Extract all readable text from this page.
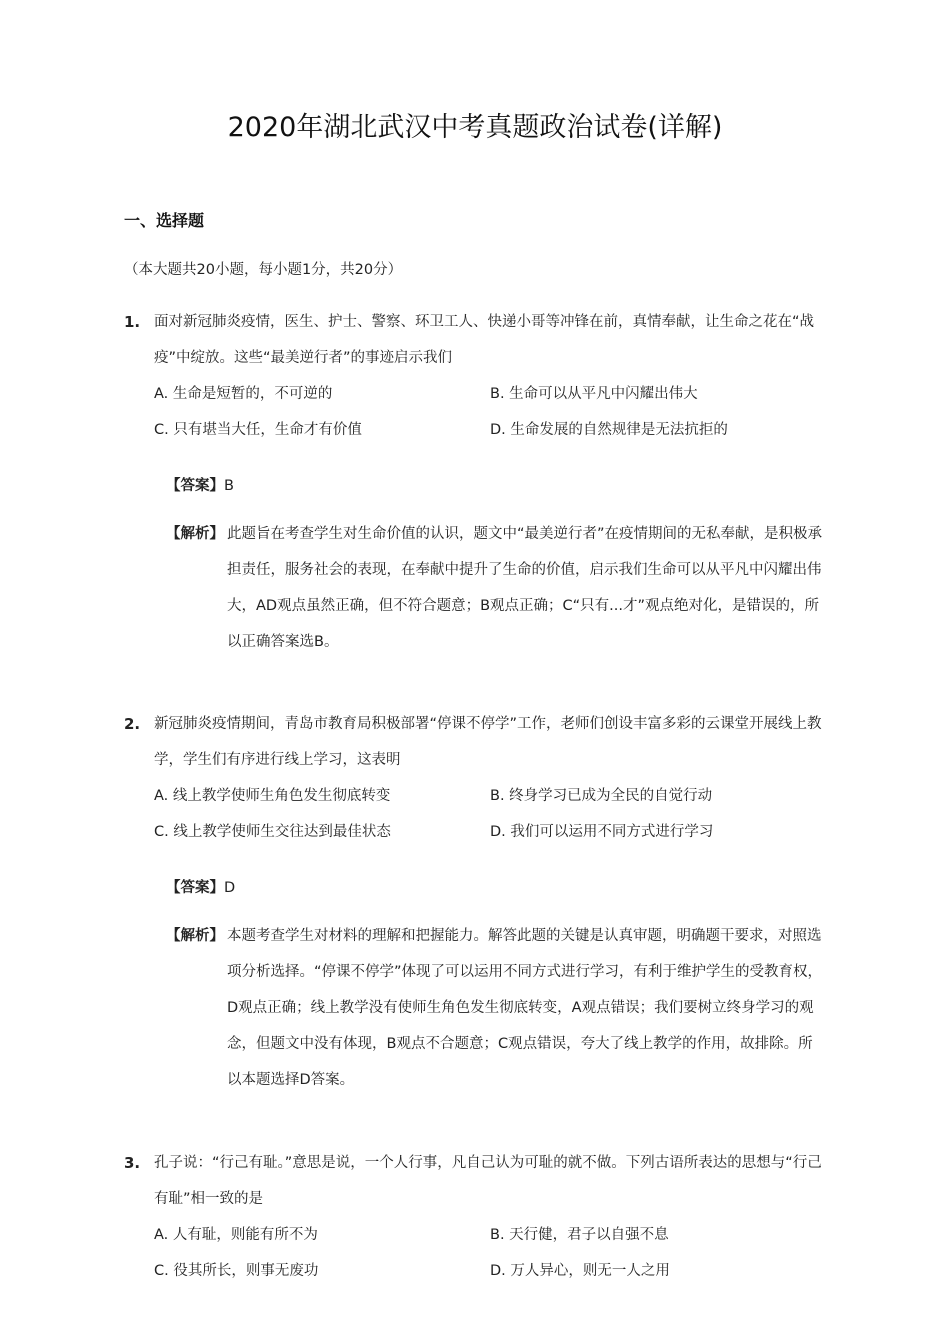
2020年湖北武汉中考真题政治试卷(详解)
一、选择题
（本大题共20小题，每小题1分，共20分）
1. 面对新冠肺炎疫情，医生、护士、警察、环卫工人、快递小哥等冲锋在前，真情奉献，让生命之花在“战疫”中绽放。这些“最美逆行者”的事迹启示我们
A. 生命是短暂的，不可逆的	B. 生命可以从平凡中闪耀出伟大
C. 只有堪当大任，生命才有价值	D. 生命发展的自然规律是无法抗拒的
【答案】B
【解析】 此题旨在考查学生对生命价值的认识，题文中“最美逆行者”在疫情期间的无私奉献，是积极承担责任，服务社会的表现，在奉献中提升了生命的价值，启示我们生命可以从平凡中闪耀出伟大，AD观点虽然正确，但不符合题意；B观点正确；C“只有...才”观点绝对化，是错误的，所以正确答案选B。
2. 新冠肺炎疫情期间，青岛市教育局积极部署“停课不停学”工作，老师们创设丰富多彩的云课堂开展线上教学，学生们有序进行线上学习，这表明
A. 线上教学使师生角色发生彻底转变	B. 终身学习已成为全民的自觉行动
C. 线上教学使师生交往达到最佳状态	D. 我们可以运用不同方式进行学习
【答案】D
【解析】 本题考查学生对材料的理解和把握能力。解答此题的关键是认真审题，明确题干要求，对照选项分析选择。“停课不停学”体现了可以运用不同方式进行学习，有利于维护学生的受教育权，D观点正确；线上教学没有使师生角色发生彻底转变，A观点错误；我们要树立终身学习的观念，但题文中没有体现，B观点不合题意；C观点错误，夸大了线上教学的作用，故排除。所以本题选择D答案。
3. 孔子说：“行己有耻。”意思是说，一个人行事，凡自己认为可耻的就不做。下列古语所表达的思想与“行己有耻”相一致的是
A. 人有耻，则能有所不为	B. 天行健，君子以自强不息
C. 役其所长，则事无废功	D. 万人异心，则无一人之用
